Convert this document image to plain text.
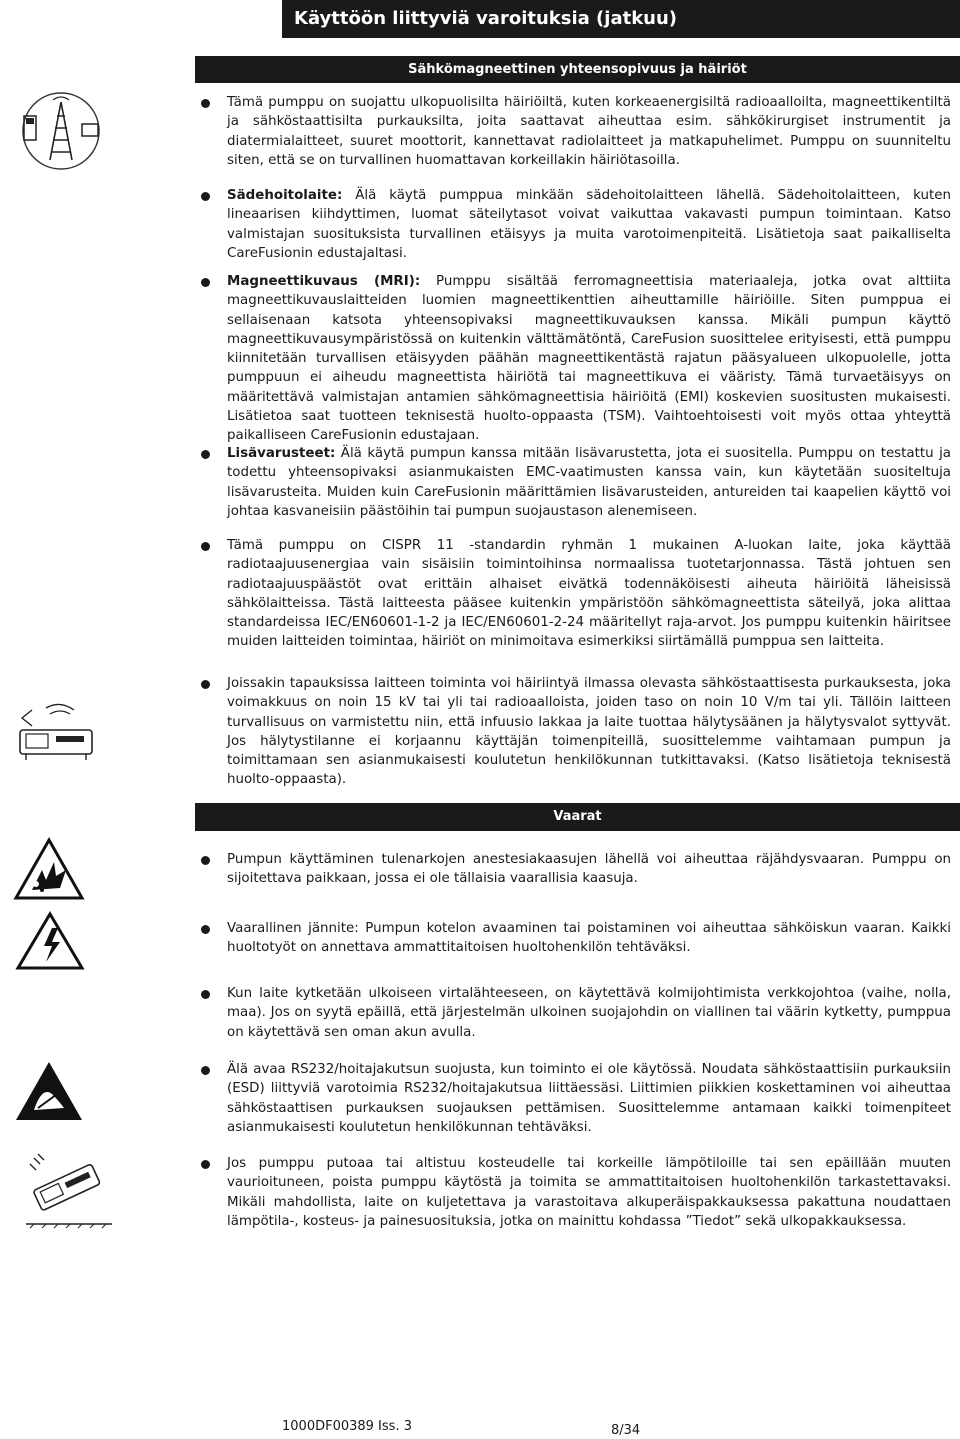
Käyttöön liittyviä varoituksia (jatkuu)
Sähkömagneettinen yhteensopivuus ja häiriöt
Tämä pumppu on suojattu ulkopuolisilta häiriöiltä, kuten korkeaenergisiltä radioaalloilta, magneettikentiltä ja sähköstaattisilta purkauksilta, joita saattavat aiheuttaa esim. sähkökirurgiset instrumentit ja diatermialaitteet, suuret moottorit, kannettavat radiolaitteet ja matkapuhelimet. Pumppu on suunniteltu siten, että se on turvallinen huomattavan korkeillakin häiriötasoilla.
Sädehoitolaite: Älä käytä pumppua minkään sädehoitolaitteen lähellä. Sädehoitolaitteen, kuten lineaarisen kiihdyttimen, luomat säteilytasot voivat vaikuttaa vakavasti pumpun toimintaan. Katso valmistajan suosituksista turvallinen etäisyys ja muita varotoimenpiteitä. Lisätietoja saat paikalliselta CareFusionin edustajaltasi.
Magneettikuvaus (MRI): Pumppu sisältää ferromagneettisia materiaaleja, jotka ovat alttiita magneettikuvauslaitteiden luomien magneettikenttien aiheuttamille häiriöille. Siten pumppua ei sellaisenaan katsota yhteensopivaksi magneettikuvauksen kanssa. Mikäli pumpun käyttö magneettikuvausympäristössä on kuitenkin välttämätöntä, CareFusion suosittelee erityisesti, että pumppu kiinnitetään turvallisen etäisyyden päähän magneettikentästä rajatun pääsyalueen ulkopuolelle, jotta pumppuun ei aiheudu magneettista häiriötä tai magneettikuva ei vääristy. Tämä turvaetäisyys on määritettävä valmistajan antamien sähkömagneettisia häiriöitä (EMI) koskevien suositusten mukaisesti. Lisätietoa saat tuotteen teknisestä huolto-oppaasta (TSM). Vaihtoehtoisesti voit myös ottaa yhteyttä paikalliseen CareFusionin edustajaan.
Lisävarusteet: Älä käytä pumpun kanssa mitään lisävarustetta, jota ei suositella. Pumppu on testattu ja todettu yhteensopivaksi asianmukaisten EMC-vaatimusten kanssa vain, kun käytetään suositeltuja lisävarusteita. Muiden kuin CareFusionin määrittämien lisävarusteiden, antureiden tai kaapelien käyttö voi johtaa kasvaneisiin päästöihin tai pumpun suojaustason alenemiseen.
Tämä pumppu on CISPR 11 -standardin ryhmän 1 mukainen A-luokan laite, joka käyttää radiotaajuusenergiaa vain sisäisiin toimintoihinsa normaalissa tuotetarjonnassa. Tästä johtuen sen radiotaajuuspäästöt ovat erittäin alhaiset eivätkä todennäköisesti aiheuta häiriöitä läheisissä sähkölaitteissa. Tästä laitteesta pääsee kuitenkin ympäristöön sähkömagneettista säteilyä, joka alittaa standardeissa IEC/EN60601-1-2 ja IEC/EN60601-2-24 määritellyt raja-arvot. Jos pumppu kuitenkin häiritsee muiden laitteiden toimintaa, häiriöt on minimoitava esimerkiksi siirtämällä pumppua sen laitteita.
Joissakin tapauksissa laitteen toiminta voi häiriintyä ilmassa olevasta sähköstaattisesta purkauksesta, joka voimakkuus on noin 15 kV tai yli tai radioaalloista, joiden taso on noin 10 V/m tai yli. Tällöin laitteen turvallisuus on varmistettu niin, että infuusio lakkaa ja laite tuottaa hälytysäänen ja hälytysvalot syttyvät. Jos hälytystilanne ei korjaannu käyttäjän toimenpiteillä, suosittelemme vaihtamaan pumpun ja toimittamaan sen asianmukaisesti koulutetun henkilökunnan tutkittavaksi. (Katso lisätietoja teknisestä huolto-oppaasta).
Vaarat
Pumpun käyttäminen tulenarkojen anestesiakaasujen lähellä voi aiheuttaa räjähdysvaaran. Pumppu on sijoitettava paikkaan, jossa ei ole tällaisia vaarallisia kaasuja.
Vaarallinen jännite: Pumpun kotelon avaaminen tai poistaminen voi aiheuttaa sähköiskun vaaran. Kaikki huoltotyöt on annettava ammattitaitoisen huoltohenkilön tehtäväksi.
Kun laite kytketään ulkoiseen virtalähteeseen, on käytettävä kolmijohtimista verkkojohtoa (vaihe, nolla, maa). Jos on syytä epäillä, että järjestelmän ulkoinen suojajohdin on viallinen tai väärin kytketty, pumppua on käytettävä sen oman akun avulla.
Älä avaa RS232/hoitajakutsun suojusta, kun toiminto ei ole käytössä. Noudata sähköstaattisiin purkauksiin (ESD) liittyviä varotoimia RS232/hoitajakutsua liittäessäsi. Liittimien piikkien koskettaminen voi aiheuttaa sähköstaattisen purkauksen suojauksen pettämisen. Suosittelemme antamaan kaikki toimenpiteet asianmukaisesti koulutetun henkilökunnan tehtäväksi.
Jos pumppu putoaa tai altistuu kosteudelle tai korkeille lämpötiloille tai sen epäillään muuten vaurioituneen, poista pumppu käytöstä ja toimita se ammattitaitoisen huoltohenkilön tarkastettavaksi. Mikäli mahdollista, laite on kuljetettava ja varastoitava alkuperäispakkauksessa pakattuna noudattaen lämpötila-, kosteus- ja painesuosituksia, jotka on mainittu kohdassa ”Tiedot” sekä ulkopakkauksessa.
1000DF00389 Iss. 3	8/34
